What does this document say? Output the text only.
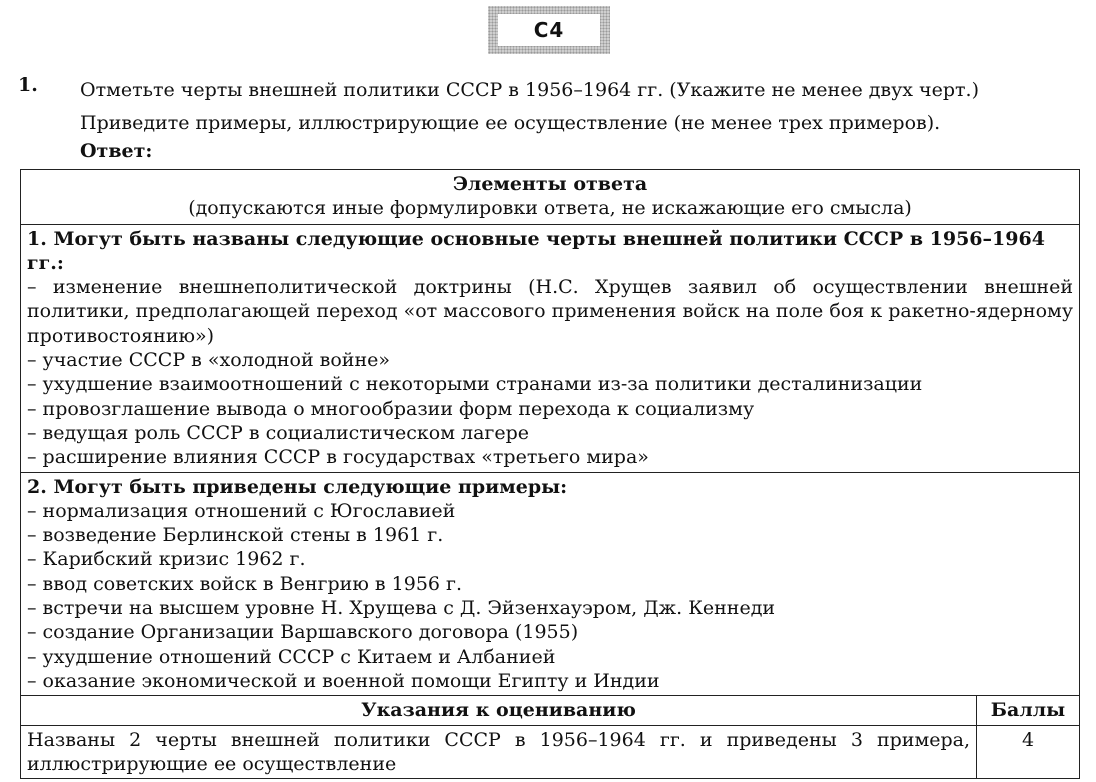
С4
1. Отметьте черты внешней политики СССР в 1956–1964 гг. (Укажите не менее двух черт.)
Приведите примеры, иллюстрирующие ее осуществление (не менее трех примеров).
Ответ:
Элементы ответа
(допускаются иные формулировки ответа, не искажающие его смысла)
1. Могут быть названы следующие основные черты внешней политики СССР в 1956–1964 гг.:
– изменение внешнеполитической доктрины (Н.С. Хрущев заявил об осуществлении внешней политики, предполагающей переход «от массового применения войск на поле боя к ракетно-ядерному противостоянию»)
– участие СССР в «холодной войне»
– ухудшение взаимоотношений с некоторыми странами из-за политики десталинизации
– провозглашение вывода о многообразии форм перехода к социализму
– ведущая роль СССР в социалистическом лагере
– расширение влияния СССР в государствах «третьего мира»
2. Могут быть приведены следующие примеры:
– нормализация отношений с Югославией
– возведение Берлинской стены в 1961 г.
– Карибский кризис 1962 г.
– ввод советских войск в Венгрию в 1956 г.
– встречи на высшем уровне Н. Хрущева с Д. Эйзенхауэром, Дж. Кеннеди
– создание Организации Варшавского договора (1955)
– ухудшение отношений СССР с Китаем и Албанией
– оказание экономической и военной помощи Египту и Индии
Указания к оцениванию	Баллы
Названы 2 черты внешней политики СССР в 1956–1964 гг. и приведены 3 примера, иллюстрирующие ее осуществление
4
